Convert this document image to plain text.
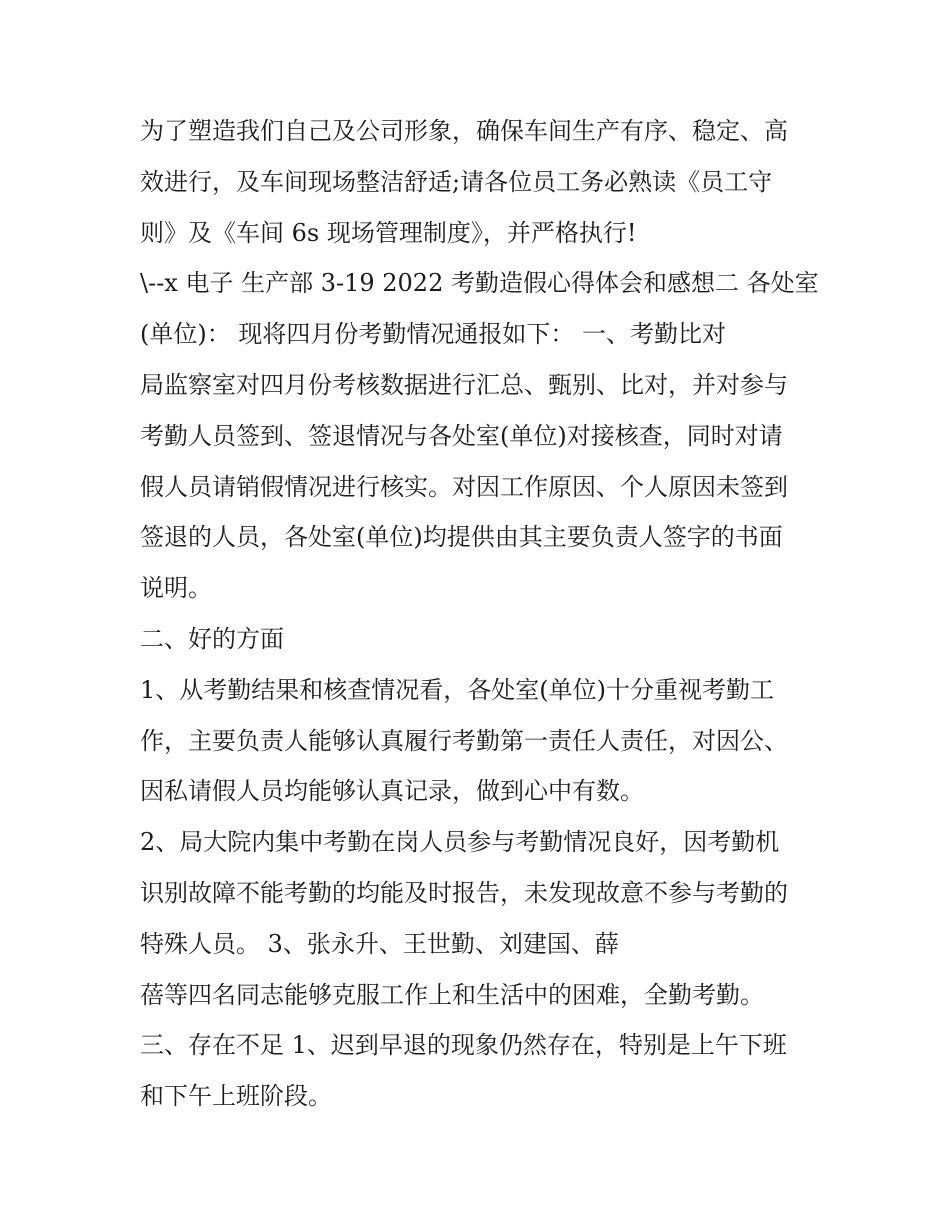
为了塑造我们自己及公司形象，确保车间生产有序、稳定、高
效进行，及车间现场整洁舒适;请各位员工务必熟读《员工守
则》及《车间 6s 现场管理制度》，并严格执行!
\--x 电子 生产部 3-19 2022 考勤造假心得体会和感想二 各处室
(单位)： 现将四月份考勤情况通报如下： 一、考勤比对
局监察室对四月份考核数据进行汇总、甄别、比对，并对参与
考勤人员签到、签退情况与各处室(单位)对接核查，同时对请
假人员请销假情况进行核实。对因工作原因、个人原因未签到
签退的人员，各处室(单位)均提供由其主要负责人签字的书面
说明。
二、好的方面
1、从考勤结果和核查情况看，各处室(单位)十分重视考勤工
作，主要负责人能够认真履行考勤第一责任人责任，对因公、
因私请假人员均能够认真记录，做到心中有数。
2、局大院内集中考勤在岗人员参与考勤情况良好，因考勤机
识别故障不能考勤的均能及时报告，未发现故意不参与考勤的
特殊人员。 3、张永升、王世勤、刘建国、薛
蓓等四名同志能够克服工作上和生活中的困难，全勤考勤。
三、存在不足 1、迟到早退的现象仍然存在，特别是上午下班
和下午上班阶段。
